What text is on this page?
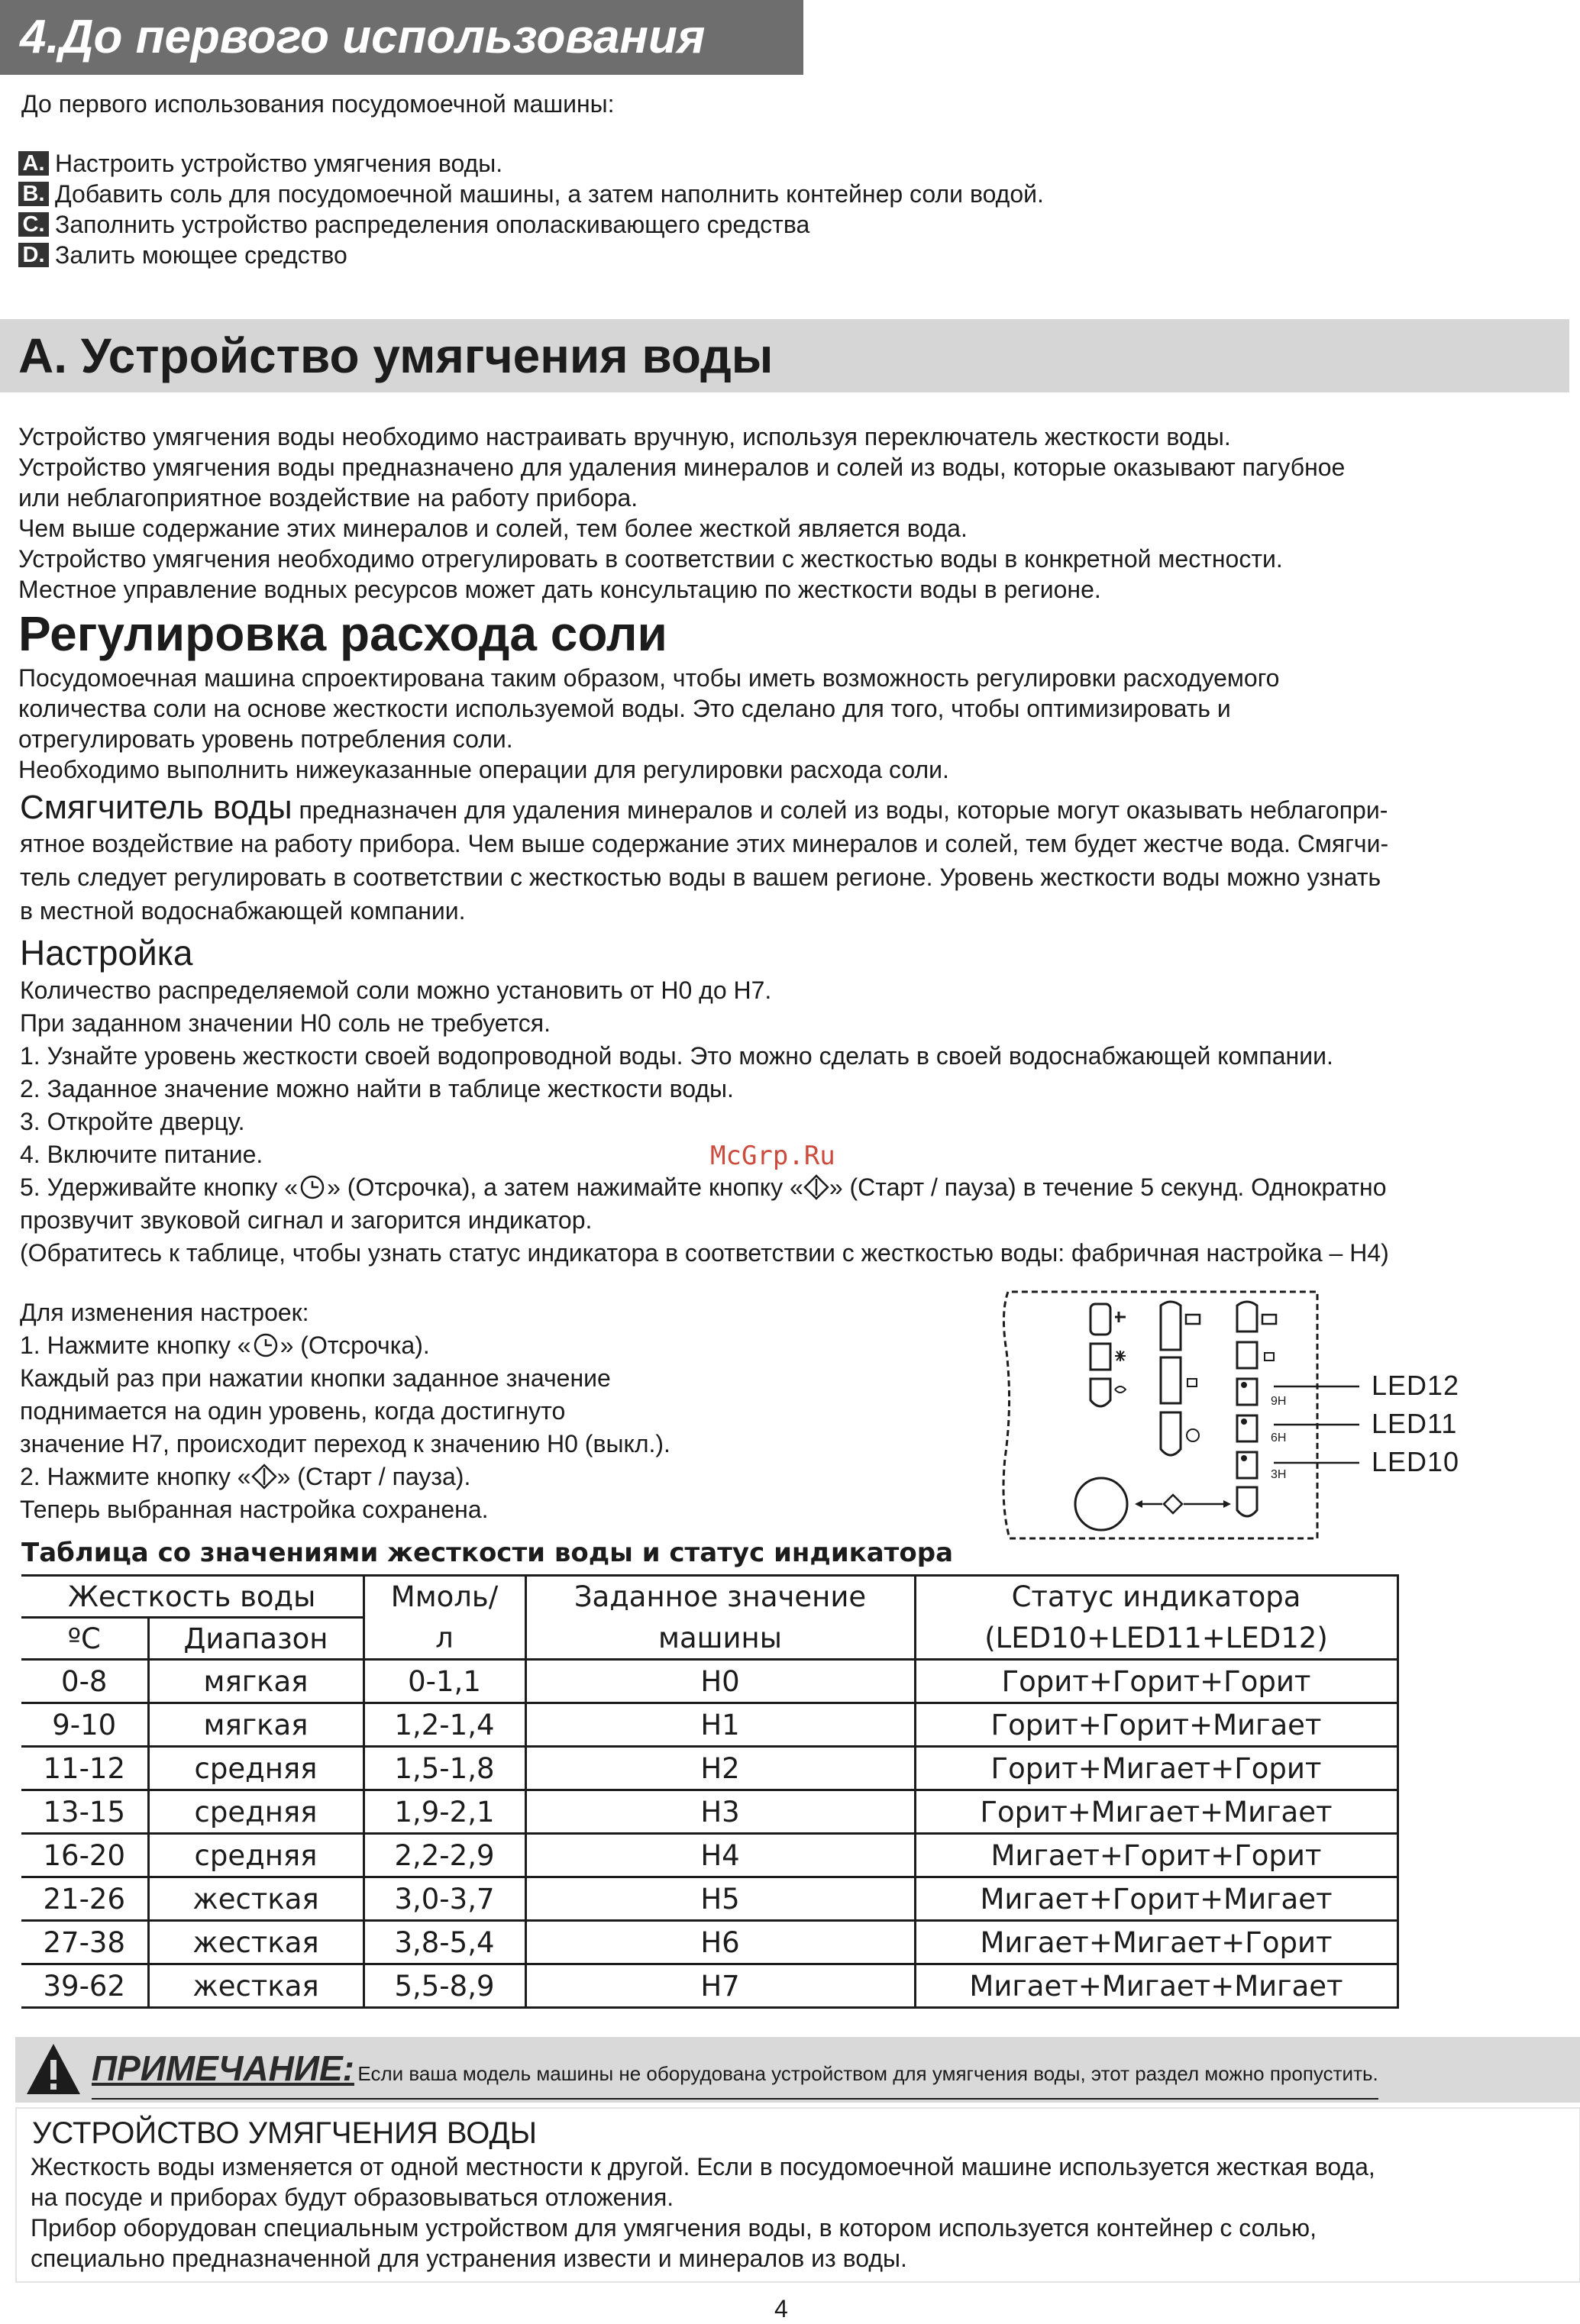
4.До первого использования
До первого использования посудомоечной машины:
A. Настроить устройство умягчения воды.
B. Добавить соль для посудомоечной машины, а затем наполнить контейнер соли водой.
C. Заполнить устройство распределения ополаскивающего средства
D. Залить моющее средство
A. Устройство умягчения воды
Устройство умягчения воды необходимо настраивать вручную, используя переключатель жесткости воды.
Устройство умягчения воды предназначено для удаления минералов и солей из воды, которые оказывают пагубное
или неблагоприятное воздействие на работу прибора.
Чем выше содержание этих минералов и солей, тем более жесткой является вода.
Устройство умягчения необходимо отрегулировать в соответствии с жесткостью воды в конкретной местности.
Местное управление водных ресурсов может дать консультацию по жесткости воды в регионе.
Регулировка расхода соли
Посудомоечная машина спроектирована таким образом, чтобы иметь возможность регулировки расходуемого
количества соли на основе жесткости используемой воды. Это сделано для того, чтобы оптимизировать и
отрегулировать уровень потребления соли.
Необходимо выполнить нижеуказанные операции для регулировки расхода соли.
Смягчитель воды предназначен для удаления минералов и солей из воды, которые могут оказывать неблагопри-
ятное воздействие на работу прибора. Чем выше содержание этих минералов и солей, тем будет жестче вода. Смягчи-
тель следует регулировать в соответствии с жесткостью воды в вашем регионе. Уровень жесткости воды можно узнать
в местной водоснабжающей компании.
Настройка
Количество распределяемой соли можно установить от H0 до H7.
При заданном значении H0 соль не требуется.
1. Узнайте уровень жесткости своей водопроводной воды. Это можно сделать в своей водоснабжающей компании.
2. Заданное значение можно найти в таблице жесткости воды.
3. Откройте дверцу.
4. Включите питание.
5. Удерживайте кнопку « » (Отсрочка), а затем нажимайте кнопку « » (Старт / пауза) в течение 5 секунд. Однократно
прозвучит звуковой сигнал и загорится индикатор.
(Обратитесь к таблице, чтобы узнать статус индикатора в соответствии с жесткостью воды: фабричная настройка – H4)
McGrp.Ru
Для изменения настроек:
1. Нажмите кнопку « » (Отсрочка).
Каждый раз при нажатии кнопки заданное значение
поднимается на один уровень, когда достигнуто
значение H7, происходит переход к значению H0 (выкл.).
2. Нажмите кнопку « » (Старт / пауза).
Теперь выбранная настройка сохранена.
9H
6H
3H
LED12
LED11
LED10
Таблица со значениями жесткости воды и статус индикатора
Жесткость воды		Ммоль/	Заданное значение	Статус индикатора
ºC	Диапазон	л	машины	(LED10+LED11+LED12)
0-8	мягкая	0-1,1	H0	Горит+Горит+Горит
9-10	мягкая	1,2-1,4	H1	Горит+Горит+Мигает
11-12	средняя	1,5-1,8	H2	Горит+Мигает+Горит
13-15	средняя	1,9-2,1	H3	Горит+Мигает+Мигает
16-20	средняя	2,2-2,9	H4	Мигает+Горит+Горит
21-26	жесткая	3,0-3,7	H5	Мигает+Горит+Мигает
27-38	жесткая	3,8-5,4	H6	Мигает+Мигает+Горит
39-62	жесткая	5,5-8,9	H7	Мигает+Мигает+Мигает
ПРИМЕЧАНИЕ: Если ваша модель машины не оборудована устройством для умягчения воды, этот раздел можно пропустить.
УСТРОЙСТВО УМЯГЧЕНИЯ ВОДЫ
Жесткость воды изменяется от одной местности к другой. Если в посудомоечной машине используется жесткая вода,
на посуде и приборах будут образовываться отложения.
Прибор оборудован специальным устройством для умягчения воды, в котором используется контейнер с солью,
специально предназначенной для устранения извести и минералов из воды.
4
